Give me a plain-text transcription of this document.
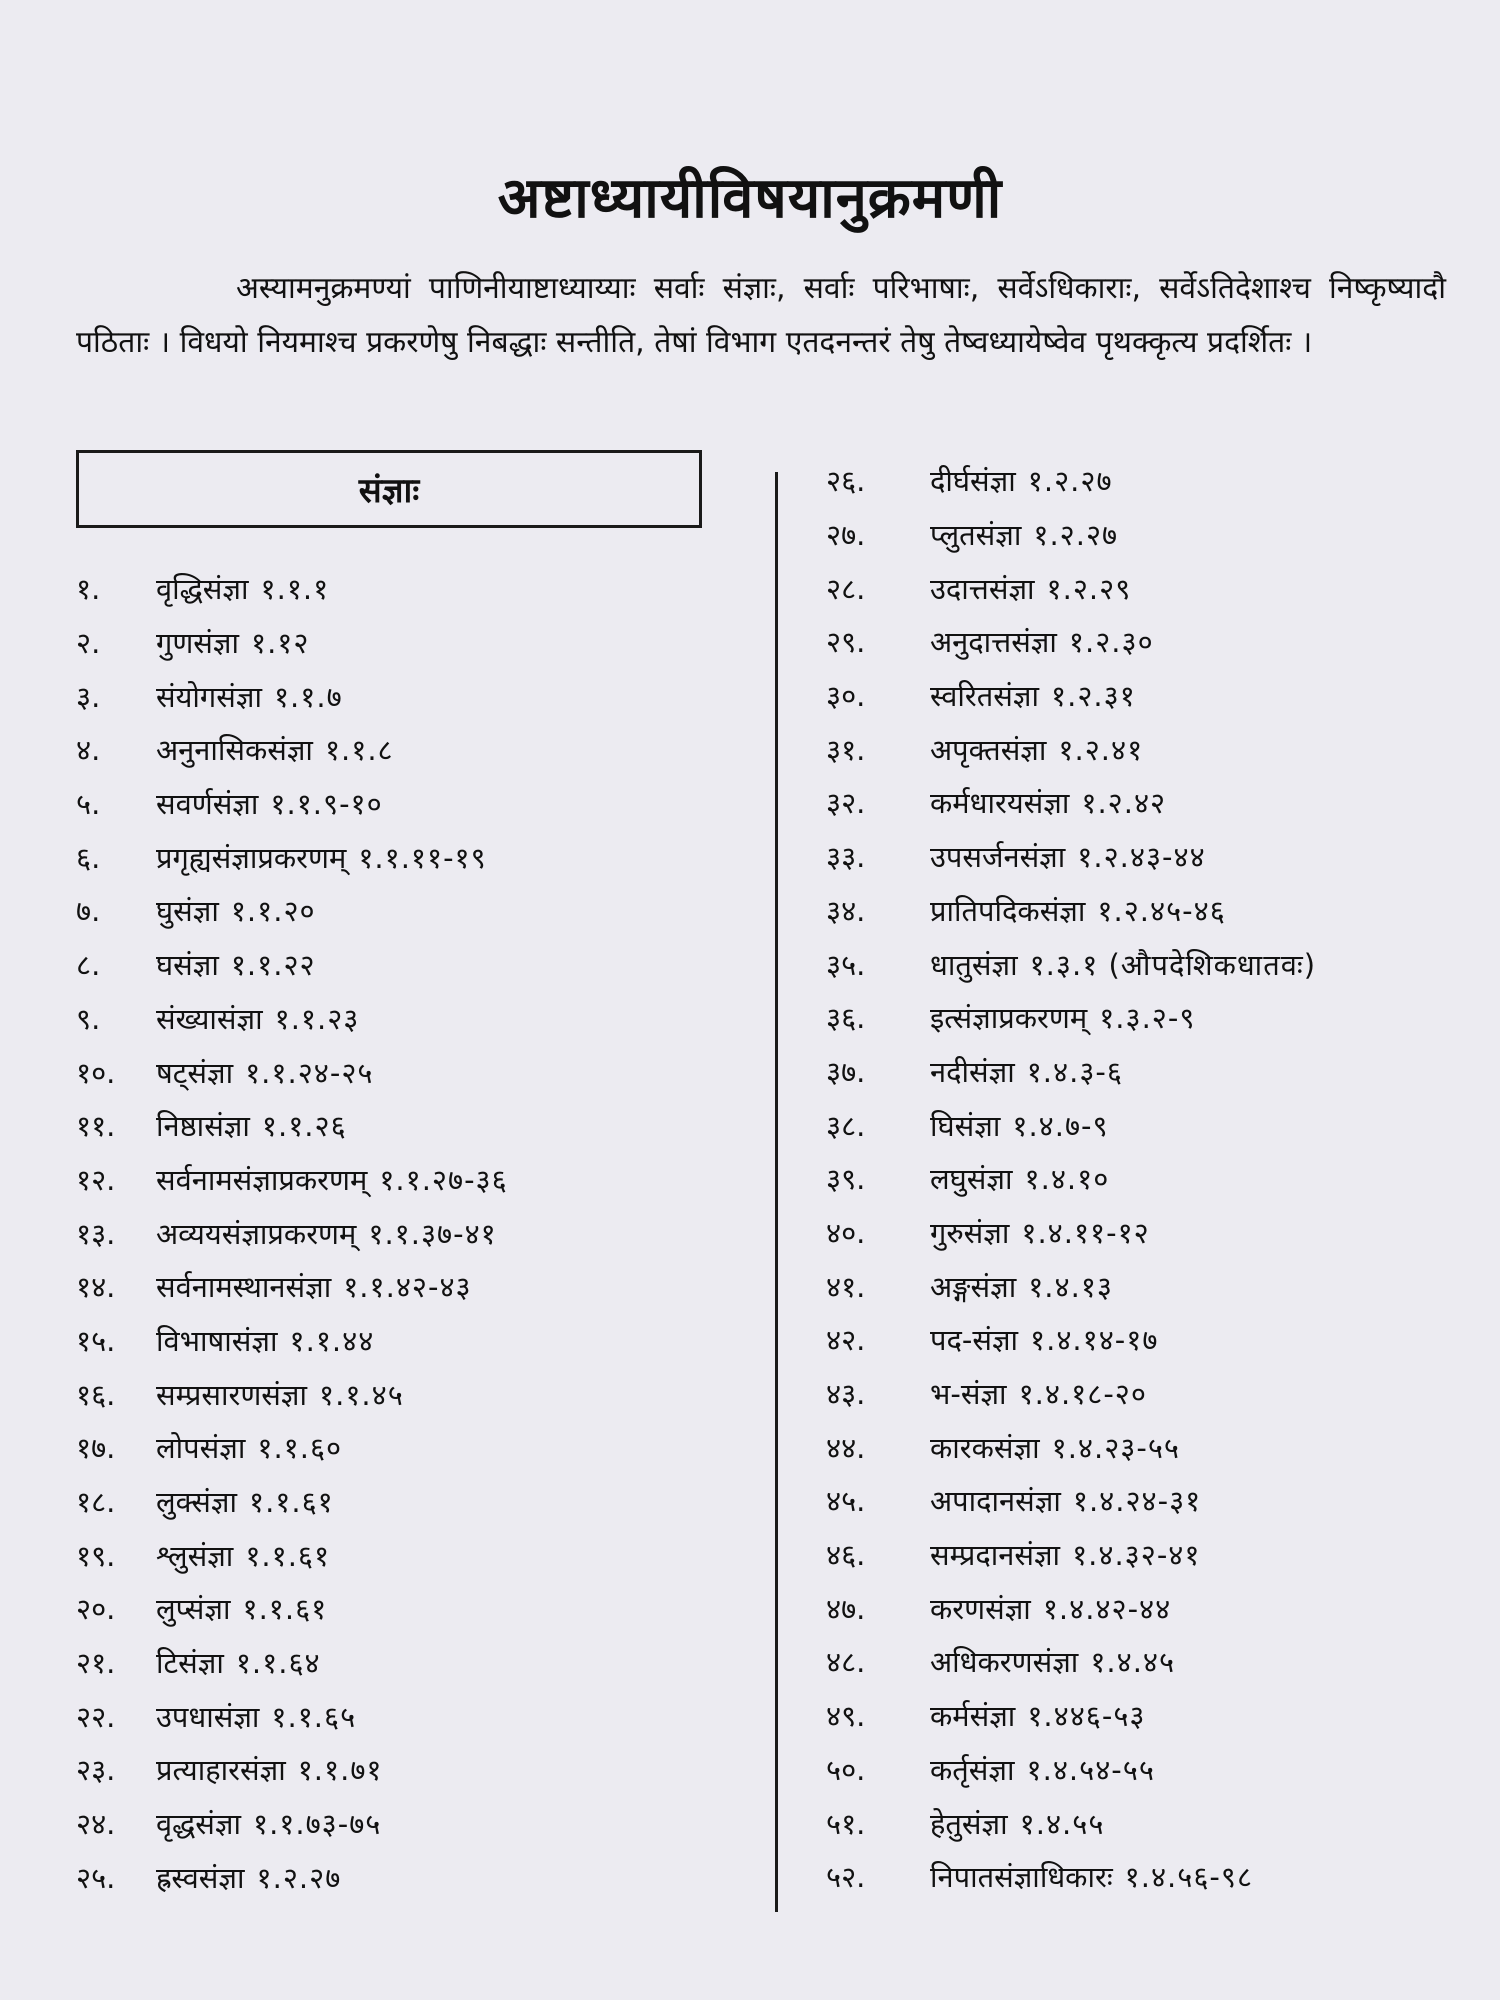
अष्टाध्यायीविषयानुक्रमणी
अस्यामनुक्रमण्यां पाणिनीयाष्टाध्याय्याः सर्वाः संज्ञाः, सर्वाः परिभाषाः, सर्वेऽधिकाराः, सर्वेऽतिदेशाश्च निष्कृष्यादौ पठिताः । विधयो नियमाश्च प्रकरणेषु निबद्धाः सन्तीति, तेषां विभाग एतदनन्तरं तेषु तेष्वध्यायेष्वेव पृथक्कृत्य प्रदर्शितः ।
संज्ञाः
१.	वृद्धिसंज्ञा १.१.१
२.	गुणसंज्ञा १.१२
३.	संयोगसंज्ञा १.१.७
४.	अनुनासिकसंज्ञा १.१.८
५.	सवर्णसंज्ञा १.१.९-१०
६.	प्रगृह्यसंज्ञाप्रकरणम् १.१.११-१९
७.	घुसंज्ञा १.१.२०
८.	घसंज्ञा १.१.२२
९.	संख्यासंज्ञा १.१.२३
१०.	षट्संज्ञा १.१.२४-२५
११.	निष्ठासंज्ञा १.१.२६
१२.	सर्वनामसंज्ञाप्रकरणम् १.१.२७-३६
१३.	अव्ययसंज्ञाप्रकरणम् १.१.३७-४१
१४.	सर्वनामस्थानसंज्ञा १.१.४२-४३
१५.	विभाषासंज्ञा १.१.४४
१६.	सम्प्रसारणसंज्ञा १.१.४५
१७.	लोपसंज्ञा १.१.६०
१८.	लुक्संज्ञा १.१.६१
१९.	श्लुसंज्ञा १.१.६१
२०.	लुप्संज्ञा १.१.६१
२१.	टिसंज्ञा १.१.६४
२२.	उपधासंज्ञा १.१.६५
२३.	प्रत्याहारसंज्ञा १.१.७१
२४.	वृद्धसंज्ञा १.१.७३-७५
२५.	ह्रस्वसंज्ञा १.२.२७
२६.	दीर्घसंज्ञा १.२.२७
२७.	प्लुतसंज्ञा १.२.२७
२८.	उदात्तसंज्ञा १.२.२९
२९.	अनुदात्तसंज्ञा १.२.३०
३०.	स्वरितसंज्ञा १.२.३१
३१.	अपृक्तसंज्ञा १.२.४१
३२.	कर्मधारयसंज्ञा १.२.४२
३३.	उपसर्जनसंज्ञा १.२.४३-४४
३४.	प्रातिपदिकसंज्ञा १.२.४५-४६
३५.	धातुसंज्ञा १.३.१ (औपदेशिकधातवः)
३६.	इत्संज्ञाप्रकरणम् १.३.२-९
३७.	नदीसंज्ञा १.४.३-६
३८.	घिसंज्ञा १.४.७-९
३९.	लघुसंज्ञा १.४.१०
४०.	गुरुसंज्ञा १.४.११-१२
४१.	अङ्गसंज्ञा १.४.१३
४२.	पद-संज्ञा १.४.१४-१७
४३.	भ-संज्ञा १.४.१८-२०
४४.	कारकसंज्ञा १.४.२३-५५
४५.	अपादानसंज्ञा १.४.२४-३१
४६.	सम्प्रदानसंज्ञा १.४.३२-४१
४७.	करणसंज्ञा १.४.४२-४४
४८.	अधिकरणसंज्ञा १.४.४५
४९.	कर्मसंज्ञा १.४४६-५३
५०.	कर्तृसंज्ञा १.४.५४-५५
५१.	हेतुसंज्ञा १.४.५५
५२.	निपातसंज्ञाधिकारः १.४.५६-९८
